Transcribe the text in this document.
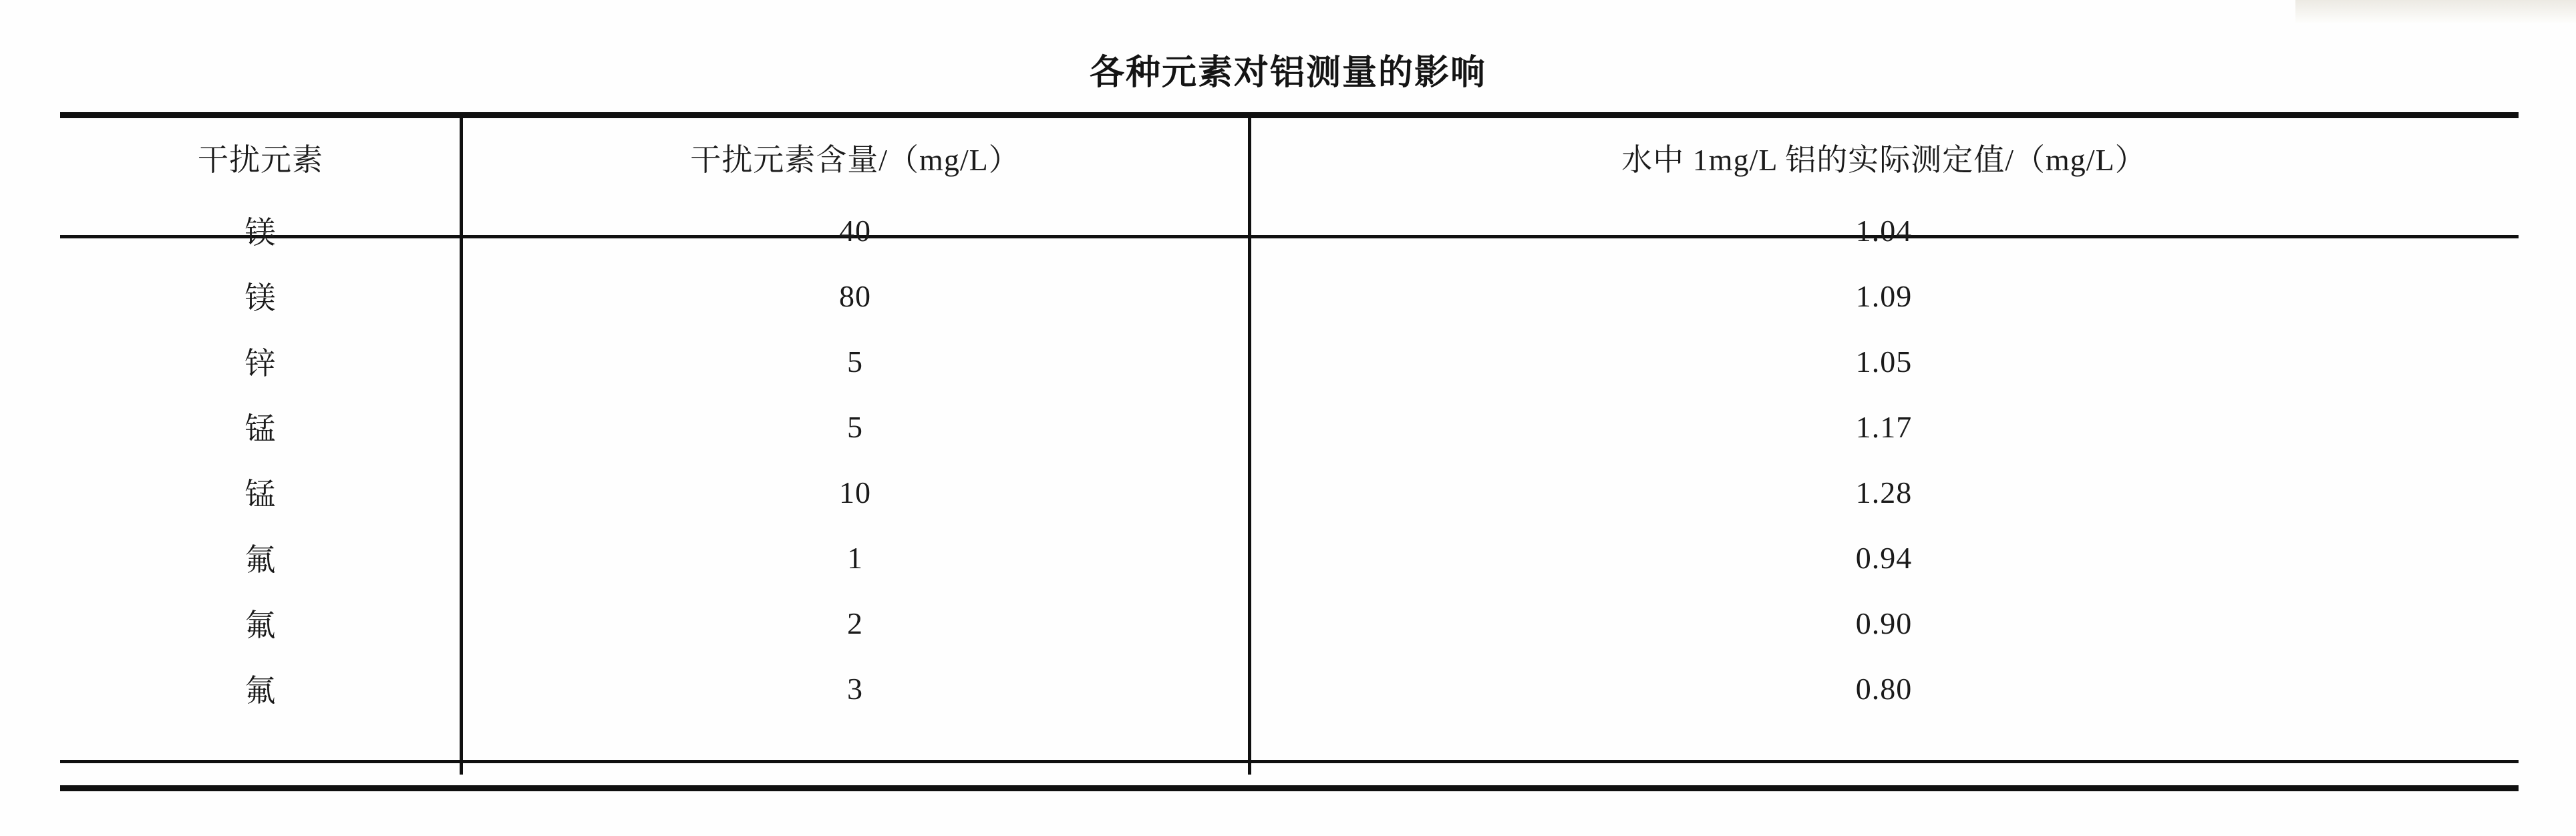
各种元素对铝测量的影响
干扰元素	干扰元素含量/（mg/L）	水中 1mg/L 铝的实际测定值/（mg/L）
镁	40	1.04
镁	80	1.09
锌	5	1.05
锰	5	1.17
锰	10	1.28
氟	1	0.94
氟	2	0.90
氟	3	0.80
